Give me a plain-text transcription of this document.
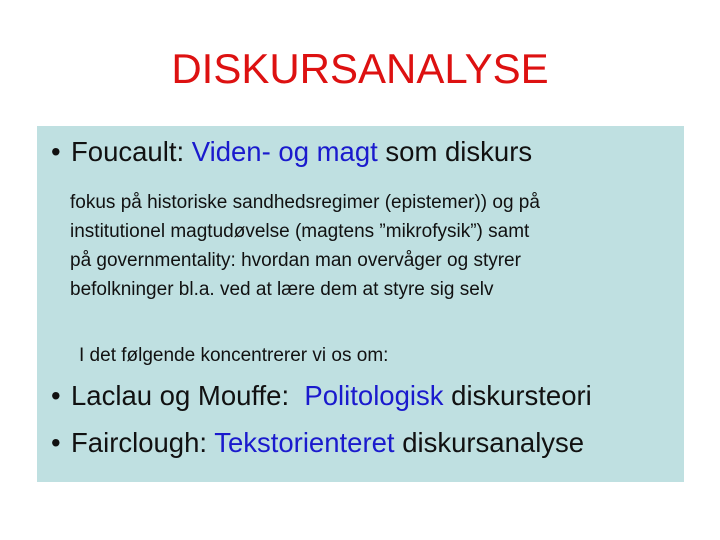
DISKURSANALYSE
• Foucault: Viden- og magt som diskurs
fokus på historiske sandhedsregimer (epistemer)) og på
institutionel magtudøvelse (magtens ”mikrofysik”) samt
på governmentality: hvordan man overvåger og styrer
befolkninger bl.a. ved at lære dem at styre sig selv
I det følgende koncentrerer vi os om:
• Laclau og Mouffe:  Politologisk diskursteori
• Fairclough: Tekstorienteret diskursanalyse
